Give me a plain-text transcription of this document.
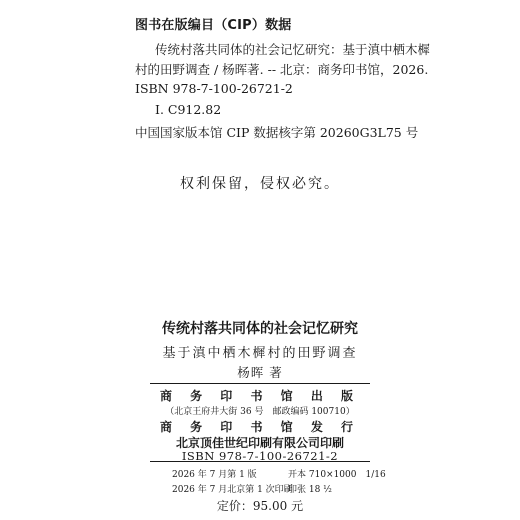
图书在版编目（CIP）数据
传统村落共同体的社会记忆研究：基于滇中栖木樨
村的田野调查 / 杨晖著. -- 北京：商务印书馆，2026.
ISBN 978-7-100-26721-2
Ⅰ. C912.82
中国国家版本馆 CIP 数据核字第 20260G3L75 号
权利保留，侵权必究。
传统村落共同体的社会记忆研究
基于滇中栖木樨村的田野调查
杨晖 著
商 务 印 书 馆 出 版
（北京王府井大街 36 号　邮政编码 100710）
商 务 印 书 馆 发 行
北京顶佳世纪印刷有限公司印刷
ISBN 978-7-100-26721-2
2026 年 7 月第 1 版	开本 710×1000　1/16
2026 年 7 月北京第 1 次印刷
印张 18 ½
定价：95.00 元
